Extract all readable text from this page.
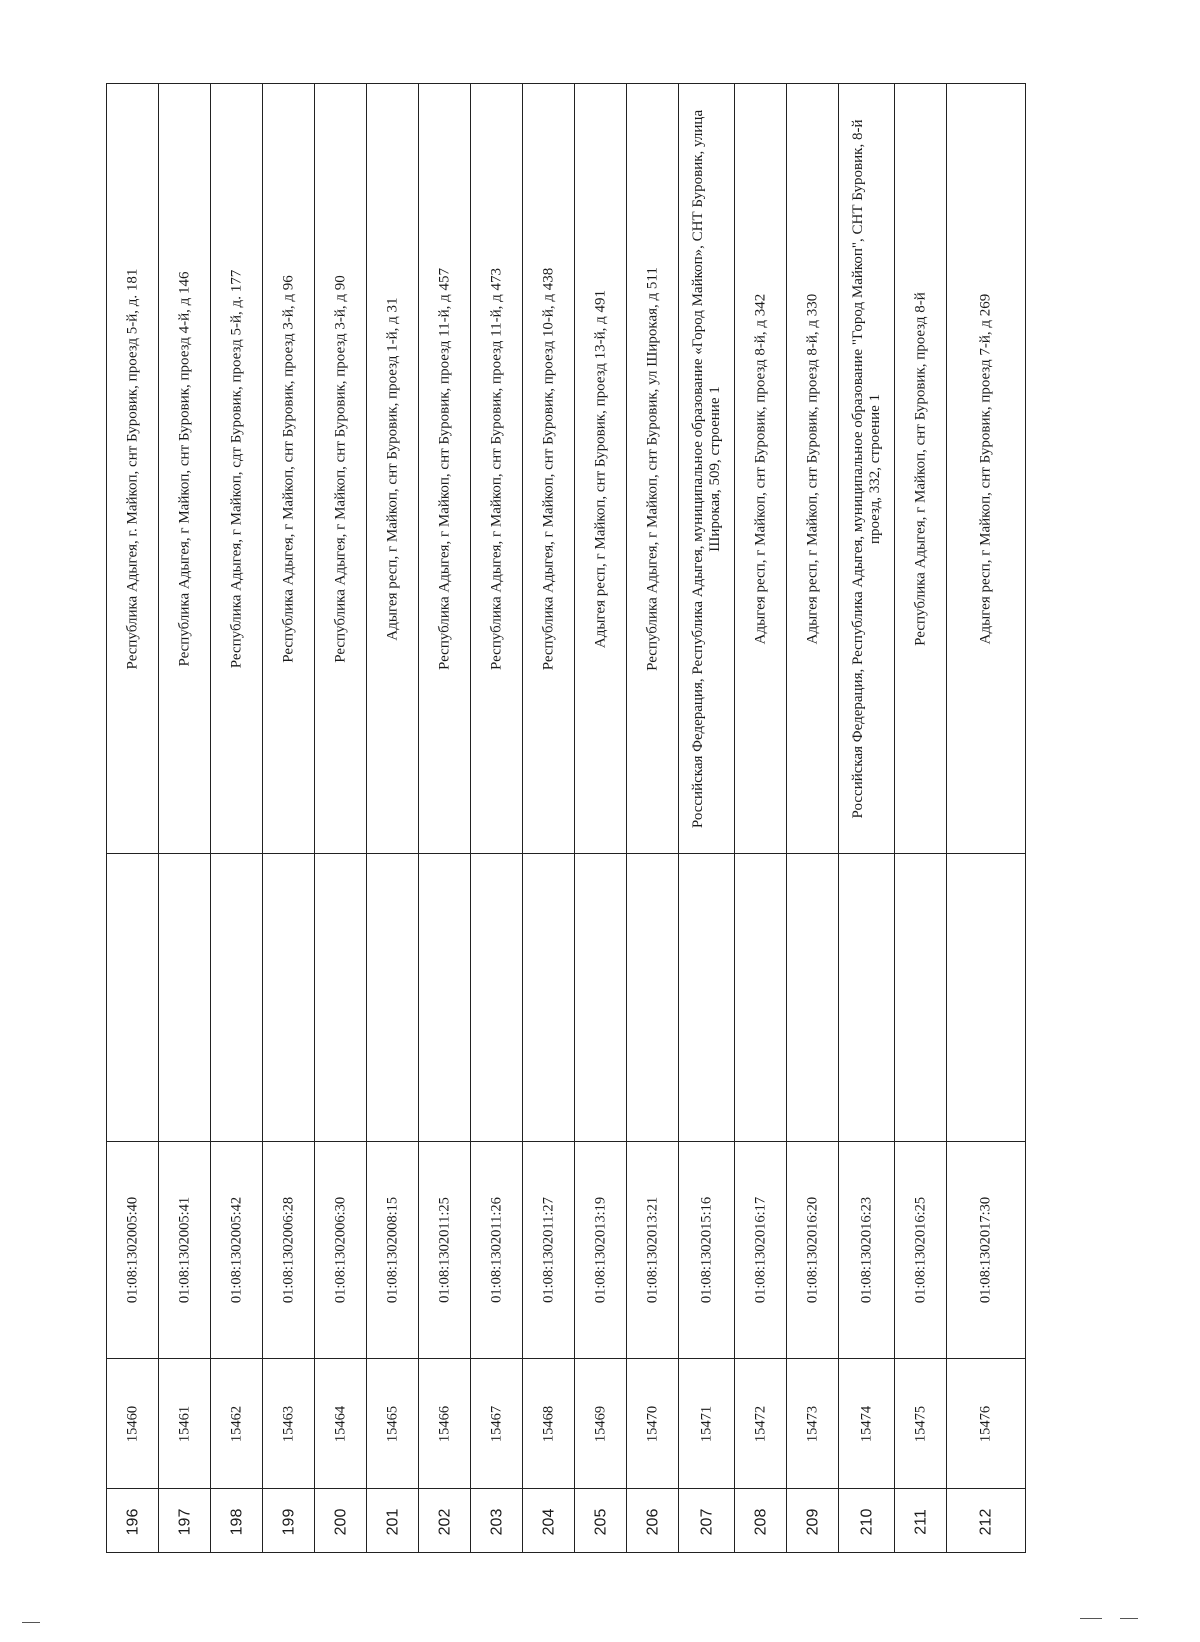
Республика Адыгея, г. Майкоп, снт Буровик, проезд 5-й, д. 181
01:08:1302005:40
15460
196
Республика Адыгея, г Майкоп, снт Буровик, проезд 4-й, д 146
01:08:1302005:41
15461
197
Республика Адыгея, г Майкоп, сдт Буровик, проезд 5-й, д. 177
01:08:1302005:42
15462
198
Республика Адыгея, г Майкоп, снт Буровик, проезд 3-й, д 96
01:08:1302006:28
15463
199
Республика Адыгея, г Майкоп, снт Буровик, проезд 3-й, д 90
01:08:1302006:30
15464
200
Адыгея респ, г Майкоп, снт Буровик, проезд 1-й, д 31
01:08:1302008:15
15465
201
Республика Адыгея, г Майкоп, снт Буровик, проезд 11-й, д 457
01:08:1302011:25
15466
202
Республика Адыгея, г Майкоп, снт Буровик, проезд 11-й, д 473
01:08:1302011:26
15467
203
Республика Адыгея, г Майкоп, снт Буровик, проезд 10-й, д 438
01:08:1302011:27
15468
204
Адыгея респ, г Майкоп, снт Буровик, проезд 13-й, д 491
01:08:1302013:19
15469
205
Республика Адыгея, г Майкоп, снт Буровик, ул Широкая, д 511
01:08:1302013:21
15470
206
Российская Федерация, Республика Адыгея, муниципальное образование «Город Майкоп», СНТ Буровик, улица Широкая, 509, строение 1
01:08:1302015:16
15471
207
Адыгея респ, г Майкоп, снт Буровик, проезд 8-й, д 342
01:08:1302016:17
15472
208
Адыгея респ, г Майкоп, снт Буровик, проезд 8-й, д 330
01:08:1302016:20
15473
209
Российская Федерация, Республика Адыгея, муниципальное образование "Город Майкоп", СНТ Буровик, 8-й проезд, 332, строение 1
01:08:1302016:23
15474
210
Республика Адыгея, г Майкоп, снт Буровик, проезд 8-й
01:08:1302016:25
15475
211
Адыгея респ, г Майкоп, снт Буровик, проезд 7-й, д 269
01:08:1302017:30
15476
212
